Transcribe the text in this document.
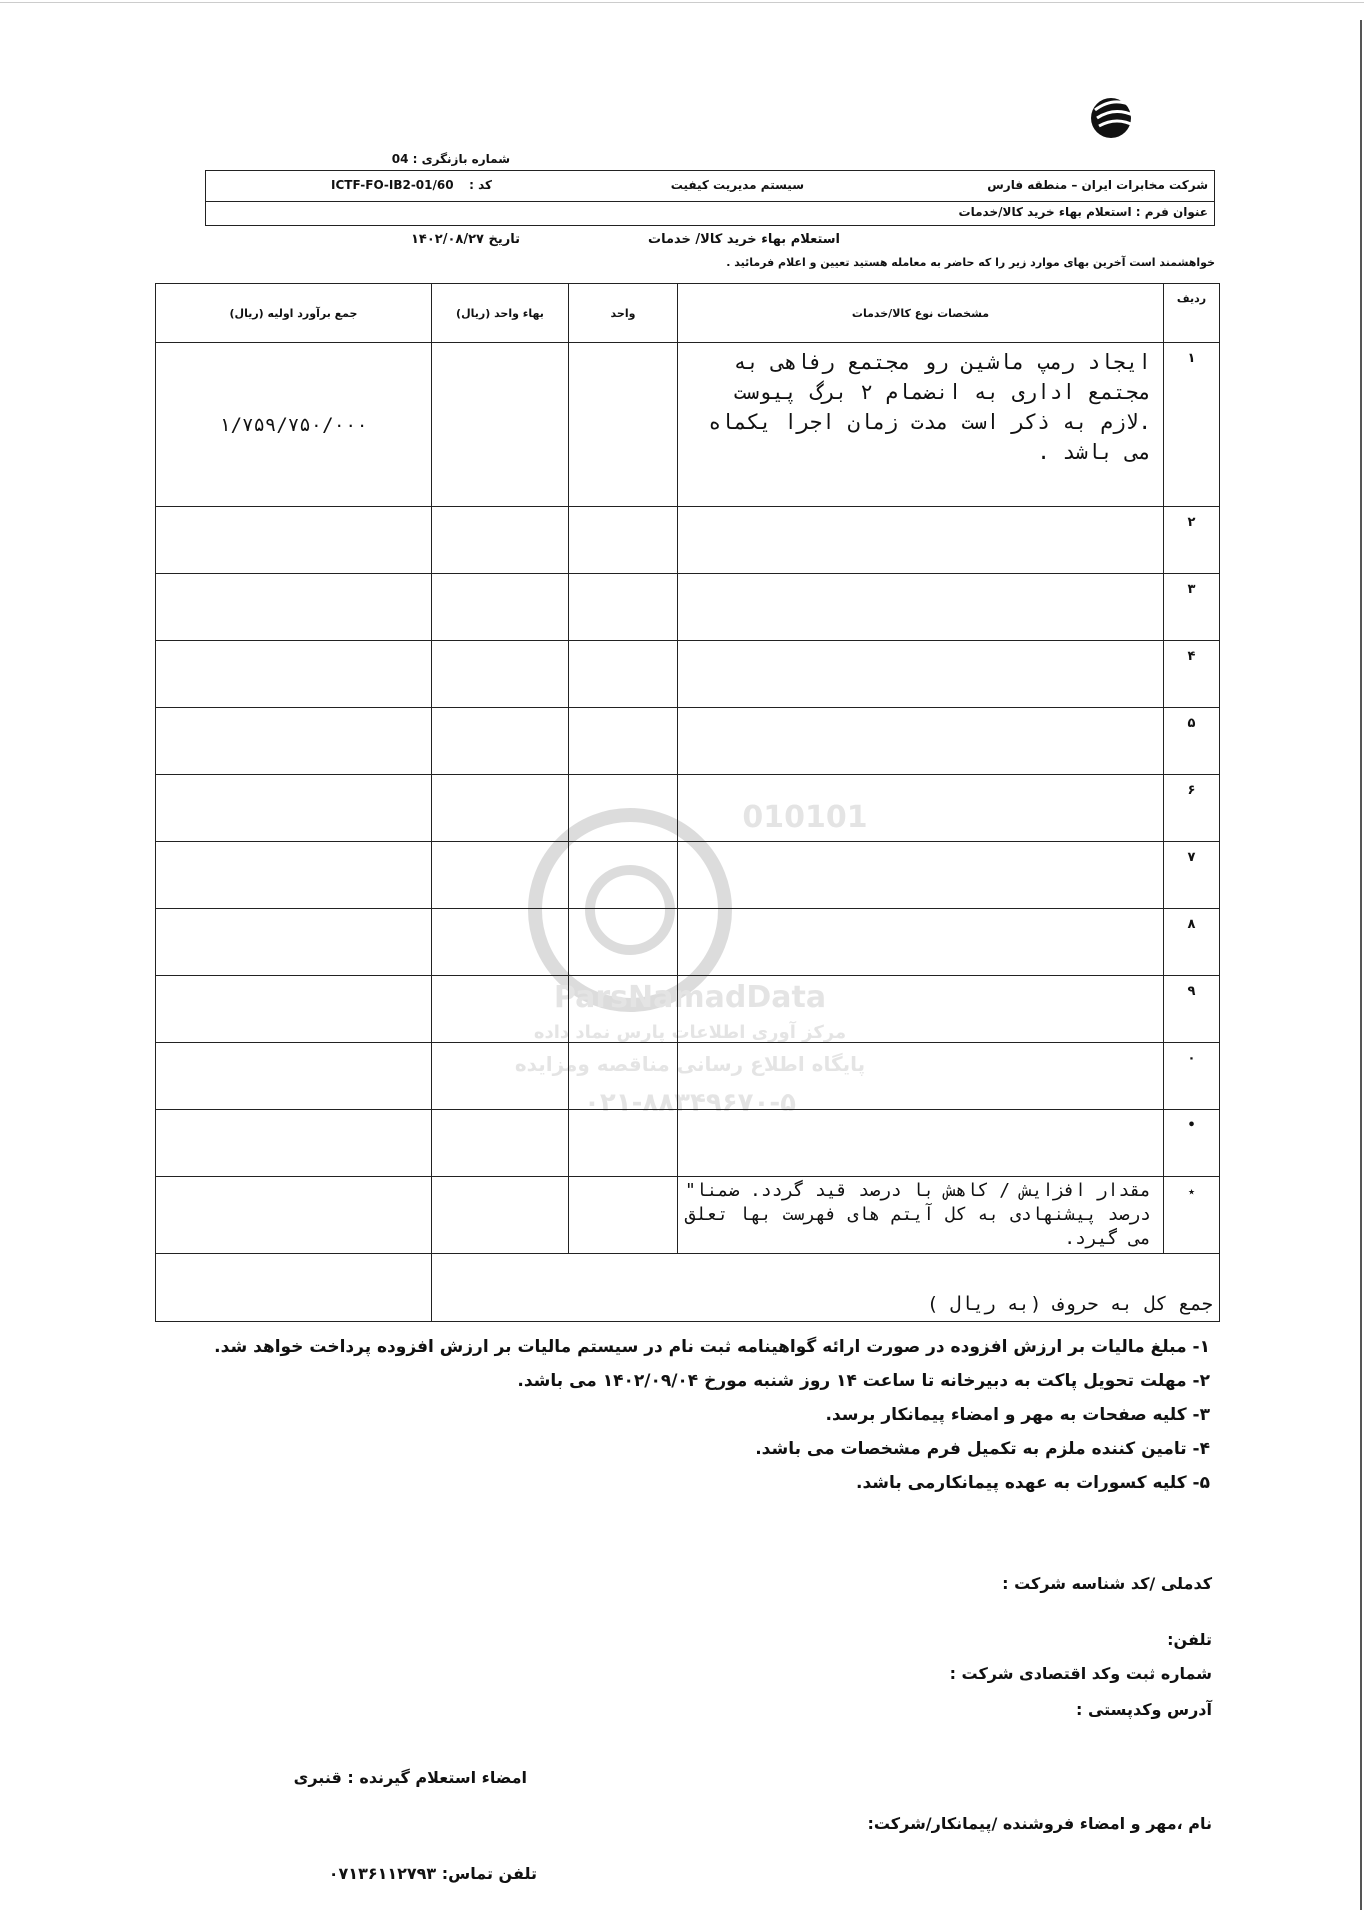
010101
ParsNamadData
مرکز آوری اطلاعات پارس نماد داده
پایگاه اطلاع رسانی مناقصه ومزایده
۰۲۱-۸۸۳۴۹۶۷۰-۵
شماره بازنگری : 04
شرکت مخابرات ایران – منطقه فارس
سیستم مدیریت کیفیت
کد :
ICTF-FO-IB2-01/60
عنوان فرم : استعلام بهاء خرید کالا/خدمات
استعلام بهاء خرید کالا/ خدمات
تاریخ ۱۴۰۲/۰۸/۲۷
خواهشمند است آخرین بهای موارد زیر را که حاضر به معامله هستید تعیین و اعلام فرمائید .
ردیف	مشخصات نوع کالا/خدمات	واحد	بهاء واحد (ریال)	جمع برآورد اولیه (ریال)
۱	ایجاد رمپ ماشین رو مجتمع رفاهی به مجتمع اداری به انضمام ۲ برگ پیوست .لازم به ذکر است مدت زمان اجرا یکماه می باشد .			۱/۷۵۹/۷۵۰/۰۰۰
۲				
۳				
۴				
۵				
۶				
۷				
۸				
۹				
۰				
•				
٭	مقدار افزایش / کاهش با درصد قید گردد. ضمنا" درصد پیشنهادی به کل آیتم های فهرست بها تعلق می گیرد.			
جمع کل به حروف (به ریال )				

۱- مبلغ مالیات بر ارزش افزوده در صورت ارائه گواهینامه ثبت نام در سیستم مالیات بر ارزش افزوده پرداخت خواهد شد.

۲- مهلت تحویل پاکت به دبیرخانه تا ساعت ۱۴ روز شنبه مورخ ۱۴۰۲/۰۹/۰۴ می باشد.

۳- کلیه صفحات به مهر و امضاء پیمانکار برسد.

۴- تامین کننده ملزم به تکمیل فرم مشخصات می باشد.

۵- کلیه کسورات به عهده پیمانکارمی باشد.

کدملی /کد شناسه شرکت :
تلفن:
شماره ثبت وکد اقتصادی شرکت :
آدرس وکدپستی :
امضاء استعلام گیرنده : قنبری
نام ،مهر و امضاء فروشنده /پیمانکار/شرکت:
تلفن تماس: ۰۷۱۳۶۱۱۲۷۹۳
